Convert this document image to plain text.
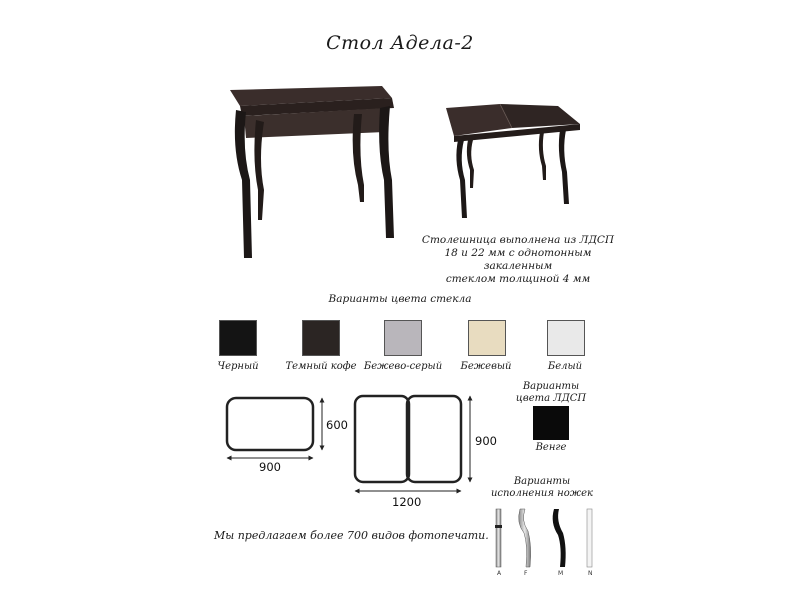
Стол Адела-2
Столешница выполнена из ЛДСП
18 и 22 мм с однотонным закаленным
стеклом толщиной 4 мм
Варианты цвета стекла
Черный	Темный кофе Бежево-серый	Бежевый	Белый
600
900
900
1200
Варианты
цвета ЛДСП
Венге
Варианты
исполнения ножек
A	F	M	N
Мы предлагаем более 700 видов фотопечати.
